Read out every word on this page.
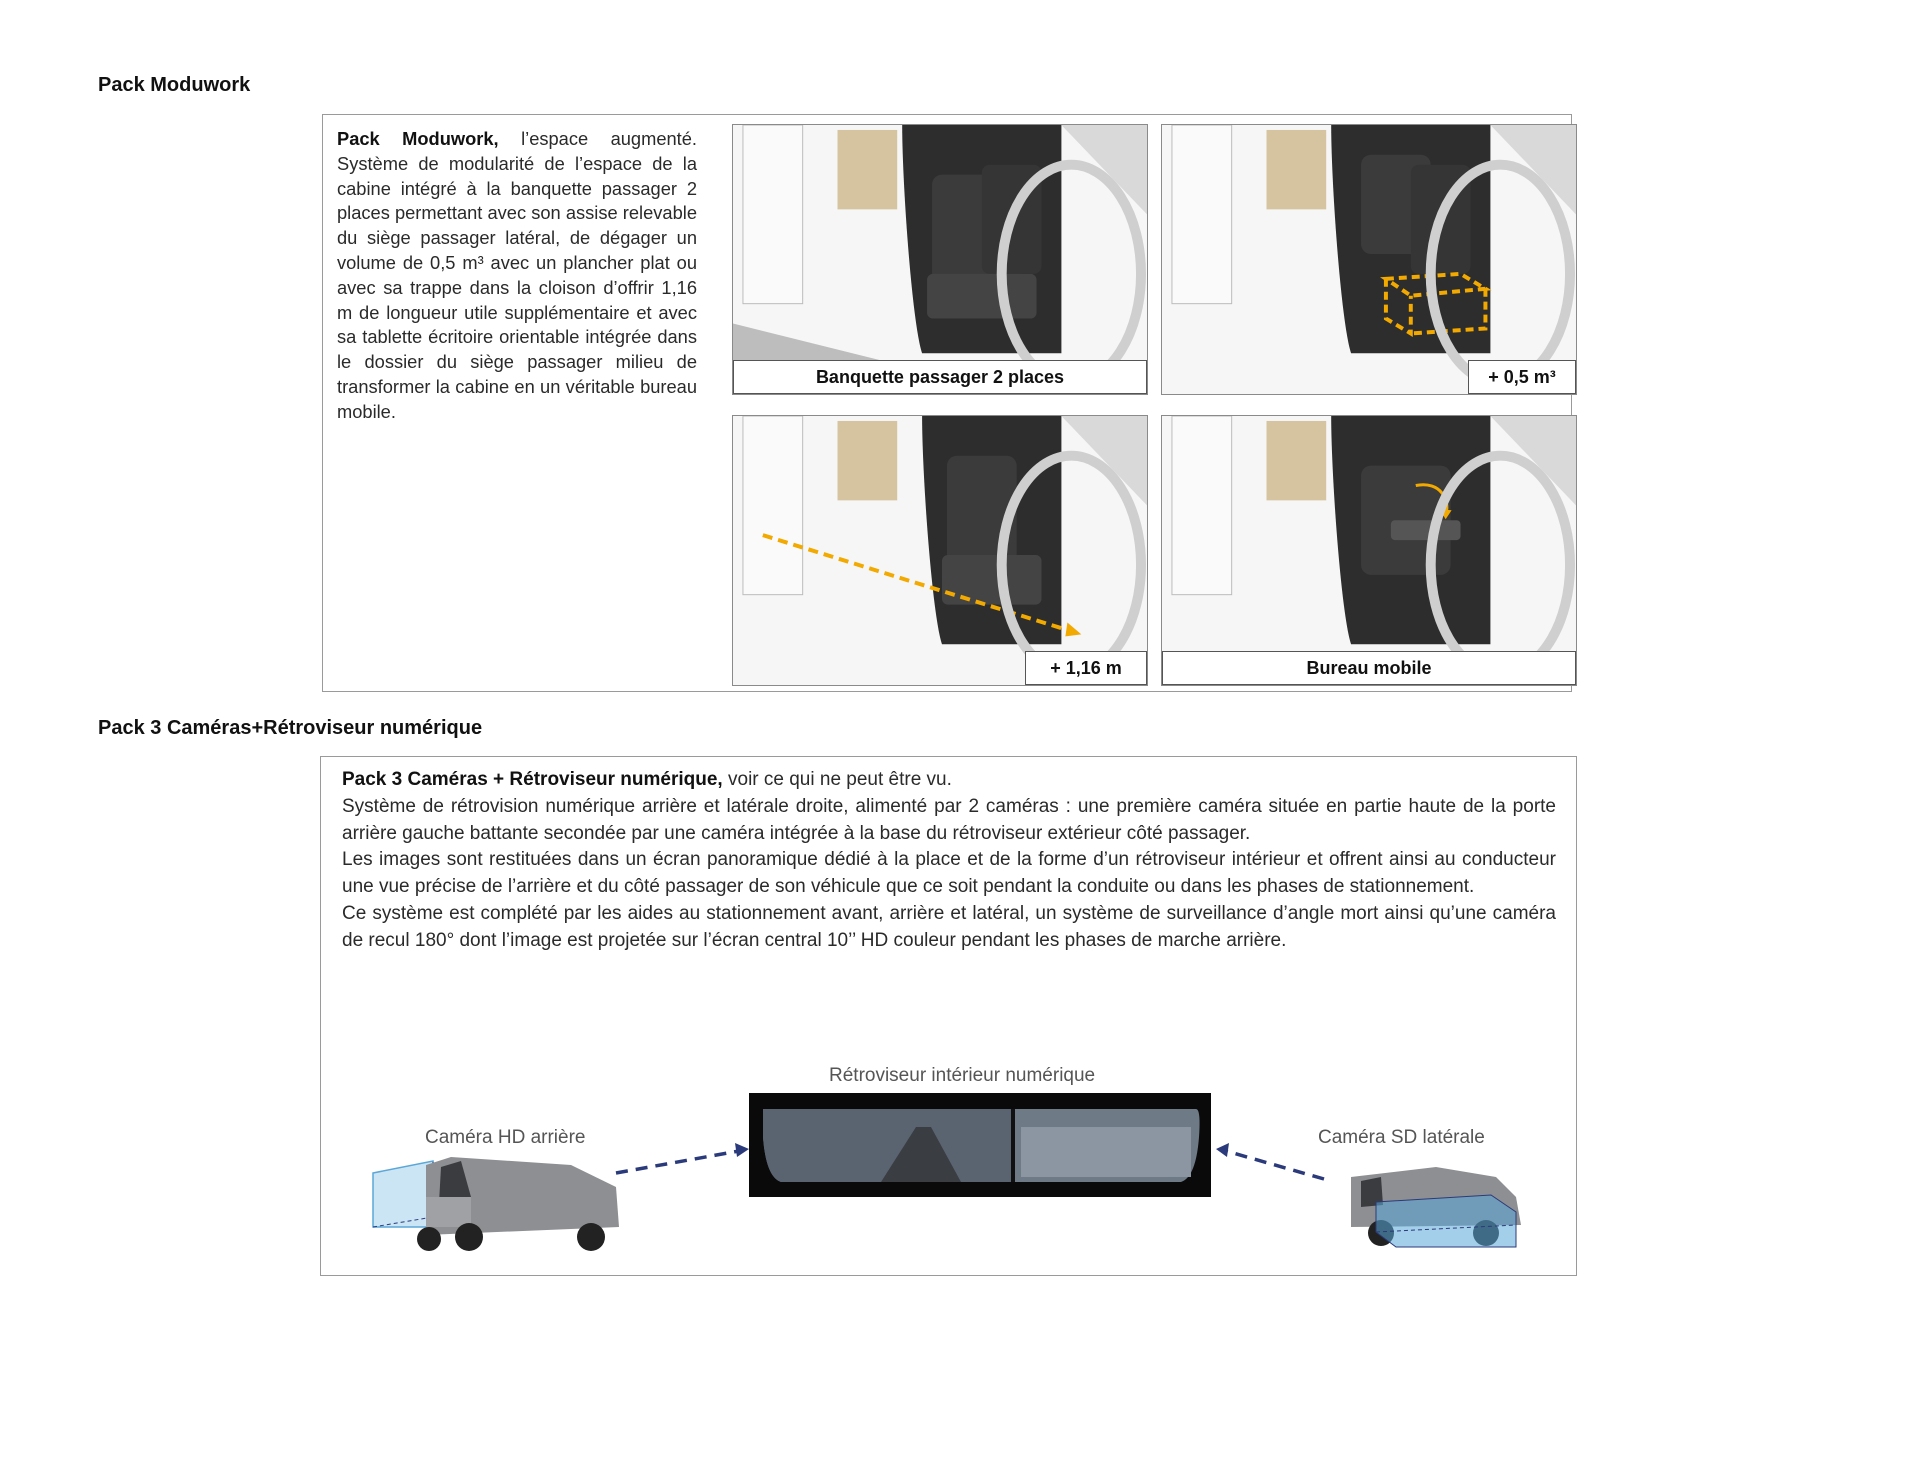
Pack Moduwork
Pack Moduwork, l’espace augmenté. Système de modularité de l’espace de la cabine intégré à la banquette passager 2 places permettant avec son assise relevable du siège passager latéral, de dégager un volume de 0,5 m³ avec un plancher plat ou avec sa trappe dans la cloison d’offrir 1,16 m de longueur utile supplémentaire et avec sa tablette écritoire orientable intégrée dans le dossier du siège passager milieu de transformer la cabine en un véritable bureau mobile.
Banquette passager 2 places	+ 0,5 m³
+ 1,16 m	Bureau mobile
Pack 3 Caméras+Rétroviseur numérique

Pack 3 Caméras + Rétroviseur numérique, voir ce qui ne peut être vu.
Système de rétrovision numérique arrière et latérale droite, alimenté par 2 caméras : une première caméra située en partie haute de la porte arrière gauche battante secondée par une caméra intégrée à la base du rétroviseur extérieur côté passager.

Les images sont restituées dans un écran panoramique dédié à la place et de la forme d’un rétroviseur intérieur et offrent ainsi au conducteur une vue précise de l’arrière et du côté passager de son véhicule que ce soit pendant la conduite ou dans les phases de stationnement.

Ce système est complété par les aides au stationnement avant, arrière et latéral, un système de surveillance d’angle mort ainsi qu’une caméra de recul 180° dont l’image est projetée sur l’écran central 10’’ HD couleur pendant les phases de marche arrière.

Rétroviseur intérieur numérique
Caméra HD arrière	Caméra SD latérale
